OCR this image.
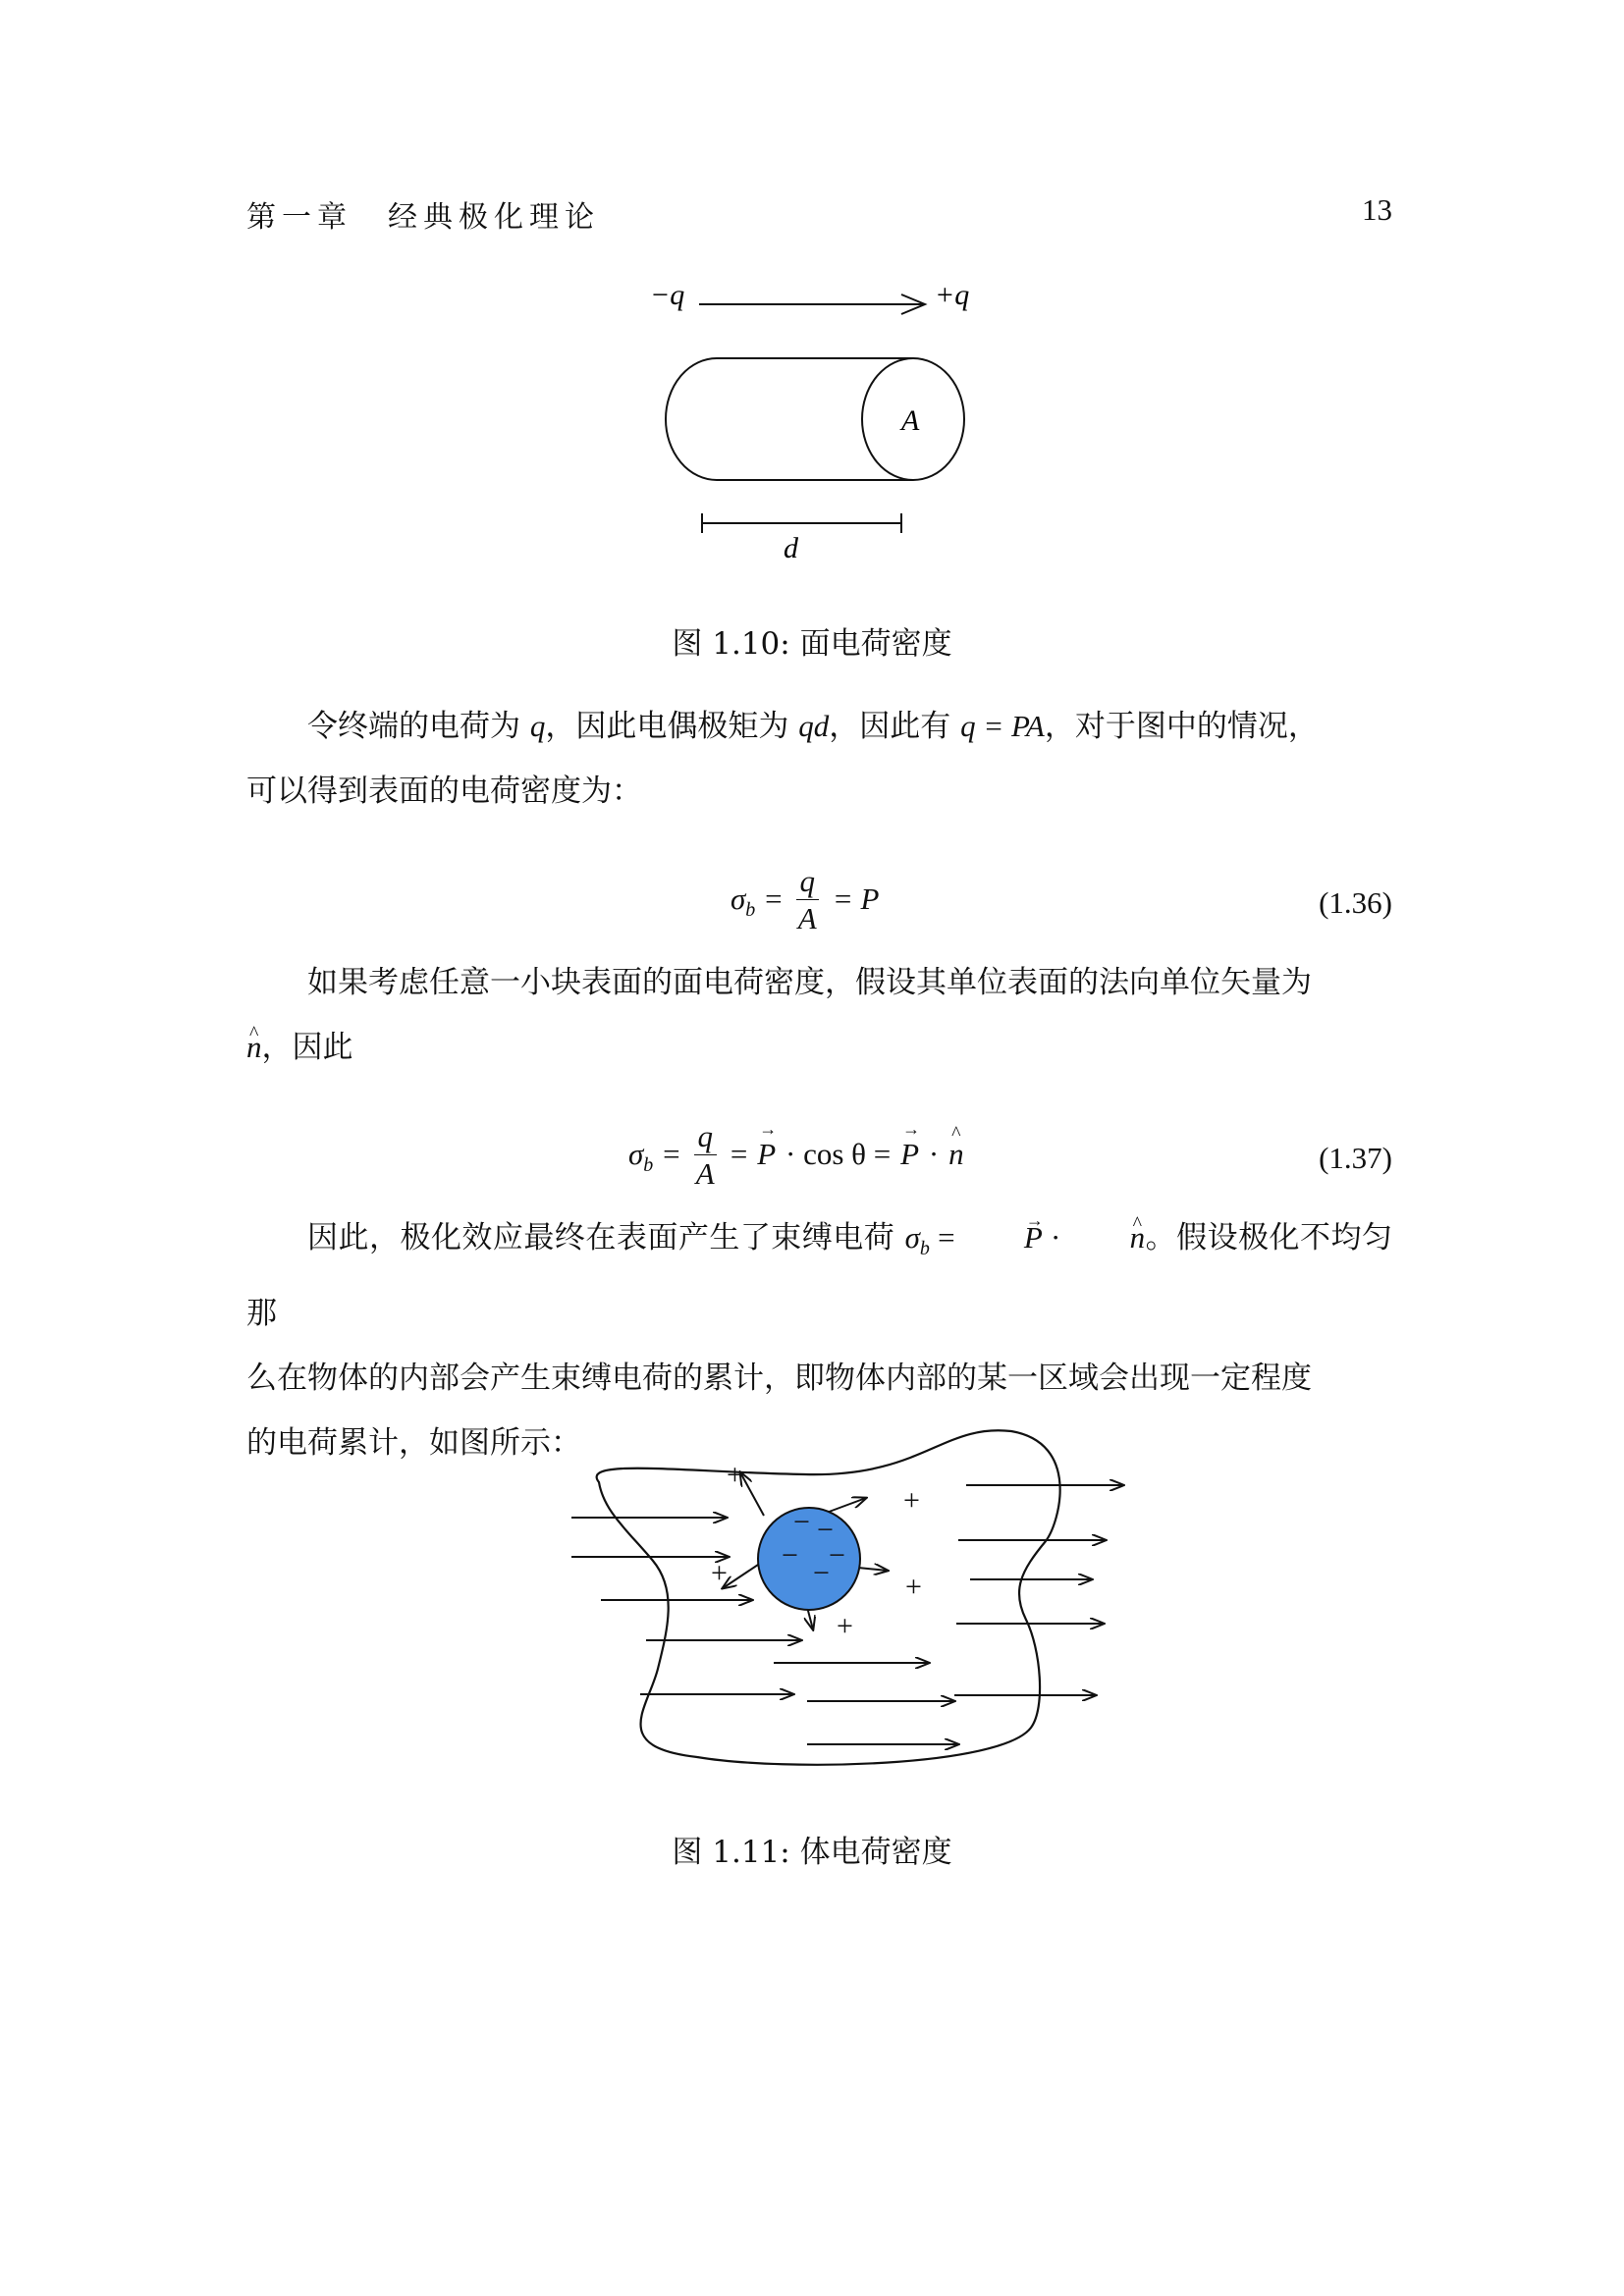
第一章　经典极化理论	13
−q	+q
A
d
图 1.10: 面电荷密度

令终端的电荷为 q，因此电偶极矩为 qd，因此有 q = PA，对于图中的情况，

可以得到表面的电荷密度为：

$\sigma_b = \frac{q}{A} = P$	(1.36)

如果考虑任意一小块表面的面电荷密度，假设其单位表面的法向单位矢量为

^ n，因此

$\sigma_b = \frac{q}{A}$ = → P · cos θ = → P · ^ n	(1.37)

因此，极化效应最终在表面产生了束缚电荷 $\sigma_b$ = → P · ^ n。假设极化不均匀那

么在物体的内部会产生束缚电荷的累计，即物体内部的某一区域会出现一定程度

的电荷累计，如图所示：

− −
− −
−
+
+
+	+
+
图 1.11: 体电荷密度
